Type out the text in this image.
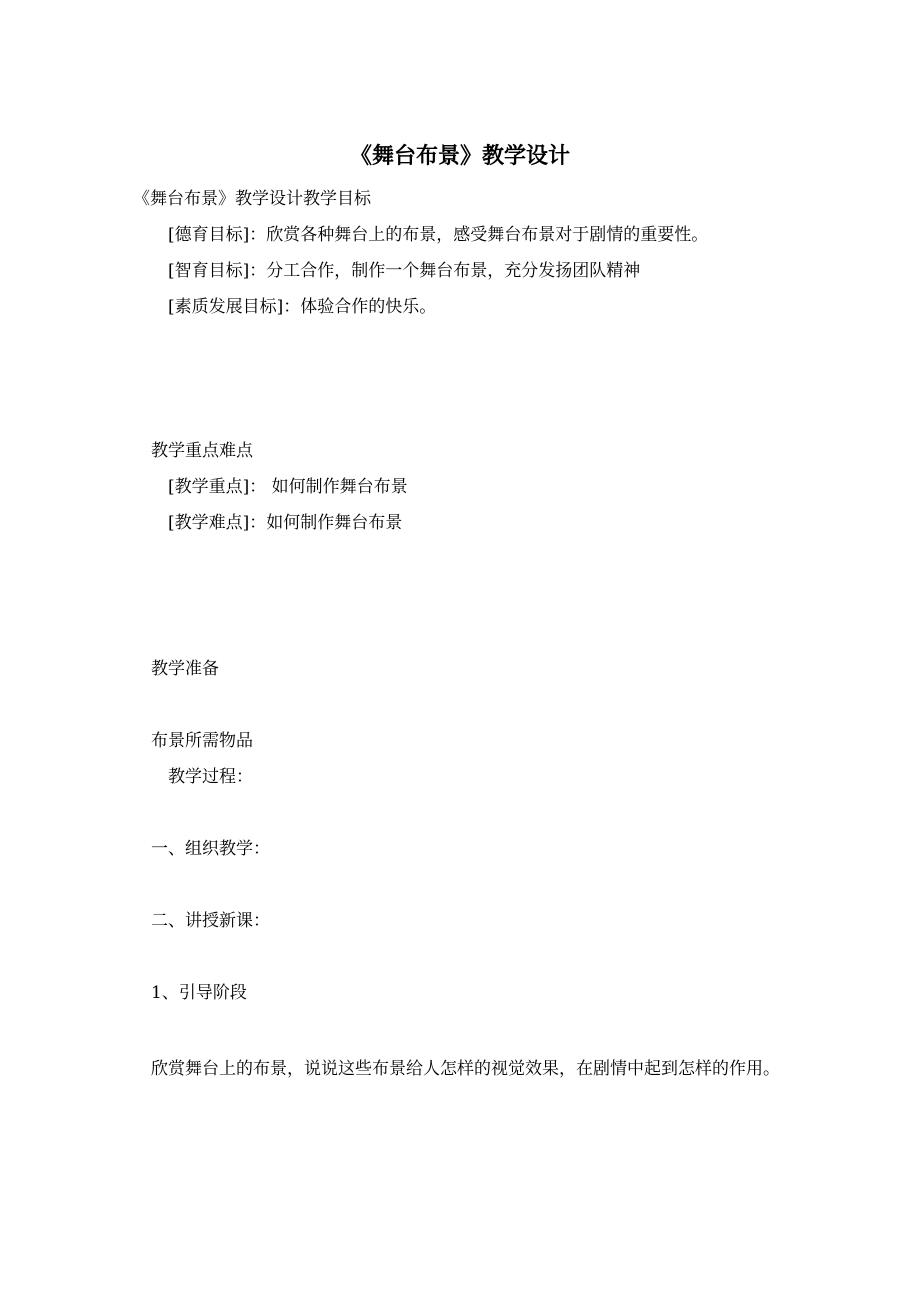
《舞台布景》教学设计
《舞台布景》教学设计教学目标
[德育目标]：欣赏各种舞台上的布景，感受舞台布景对于剧情的重要性。
[智育目标]：分工合作，制作一个舞台布景，充分发扬团队精神
[素质发展目标]：体验合作的快乐。
教学重点难点
[教学重点]： 如何制作舞台布景
[教学难点]：如何制作舞台布景
教学准备
布景所需物品
教学过程：
一、组织教学：
二、讲授新课：
1、引导阶段
欣赏舞台上的布景，说说这些布景给人怎样的视觉效果，在剧情中起到怎样的作用。
